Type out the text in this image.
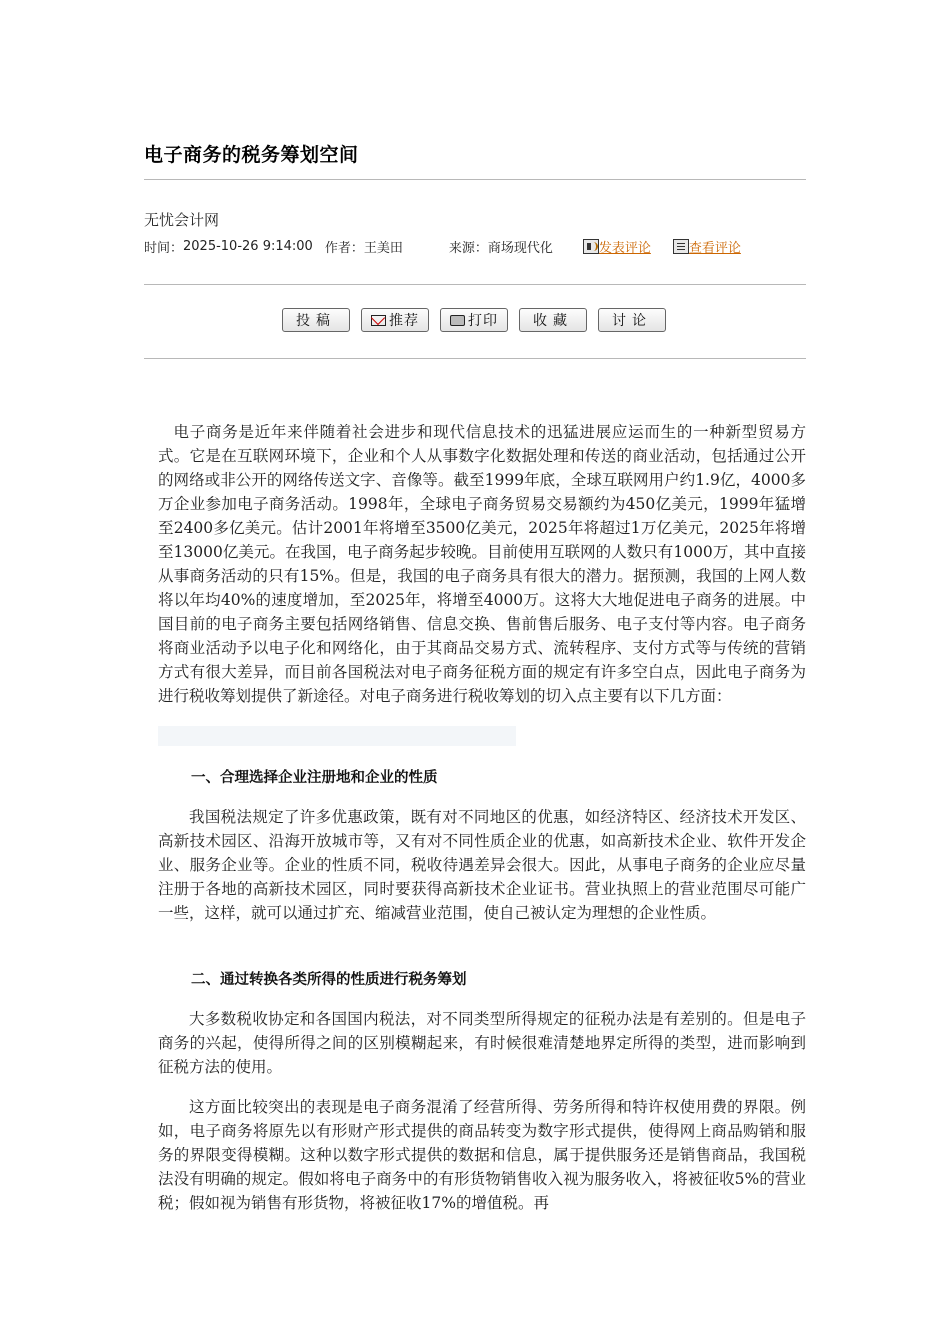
电子商务的税务筹划空间
无忧会计网
时间：2025-10-26 9:14:00 作者：王美田	来源：商场现代化	发表评论	查看评论
投稿	推荐	打印	收藏	讨论

电子商务是近年来伴随着社会进步和现代信息技术的迅猛进展应运而生的一种新型贸易方式。它是在互联网环境下，企业和个人从事数字化数据处理和传送的商业活动，包括通过公开的网络或非公开的网络传送文字、音像等。截至1999年底，全球互联网用户约1.9亿，4000多万企业参加电子商务活动。1998年，全球电子商务贸易交易额约为450亿美元，1999年猛增至2400多亿美元。估计2001年将增至3500亿美元，2025年将超过1万亿美元，2025年将增至13000亿美元。在我国，电子商务起步较晚。目前使用互联网的人数只有1000万，其中直接从事商务活动的只有15%。但是，我国的电子商务具有很大的潜力。据预测，我国的上网人数将以年均40%的速度增加，至2025年，将增至4000万。这将大大地促进电子商务的进展。中国目前的电子商务主要包括网络销售、信息交换、售前售后服务、电子支付等内容。电子商务将商业活动予以电子化和网络化，由于其商品交易方式、流转程序、支付方式等与传统的营销方式有很大差异，而目前各国税法对电子商务征税方面的规定有许多空白点，因此电子商务为进行税收筹划提供了新途径。对电子商务进行税收筹划的切入点主要有以下几方面：

一、合理选择企业注册地和企业的性质

我国税法规定了许多优惠政策，既有对不同地区的优惠，如经济特区、经济技术开发区、高新技术园区、沿海开放城市等，又有对不同性质企业的优惠，如高新技术企业、软件开发企业、服务企业等。企业的性质不同，税收待遇差异会很大。因此，从事电子商务的企业应尽量注册于各地的高新技术园区，同时要获得高新技术企业证书。营业执照上的营业范围尽可能广一些，这样，就可以通过扩充、缩减营业范围，使自己被认定为理想的企业性质。

二、通过转换各类所得的性质进行税务筹划

大多数税收协定和各国国内税法，对不同类型所得规定的征税办法是有差别的。但是电子商务的兴起，使得所得之间的区别模糊起来，有时候很难清楚地界定所得的类型，进而影响到征税方法的使用。

这方面比较突出的表现是电子商务混淆了经营所得、劳务所得和特许权使用费的界限。例如，电子商务将原先以有形财产形式提供的商品转变为数字形式提供，使得网上商品购销和服务的界限变得模糊。这种以数字形式提供的数据和信息，属于提供服务还是销售商品，我国税法没有明确的规定。假如将电子商务中的有形货物销售收入视为服务收入，将被征收5%的营业税；假如视为销售有形货物，将被征收17%的增值税。再
